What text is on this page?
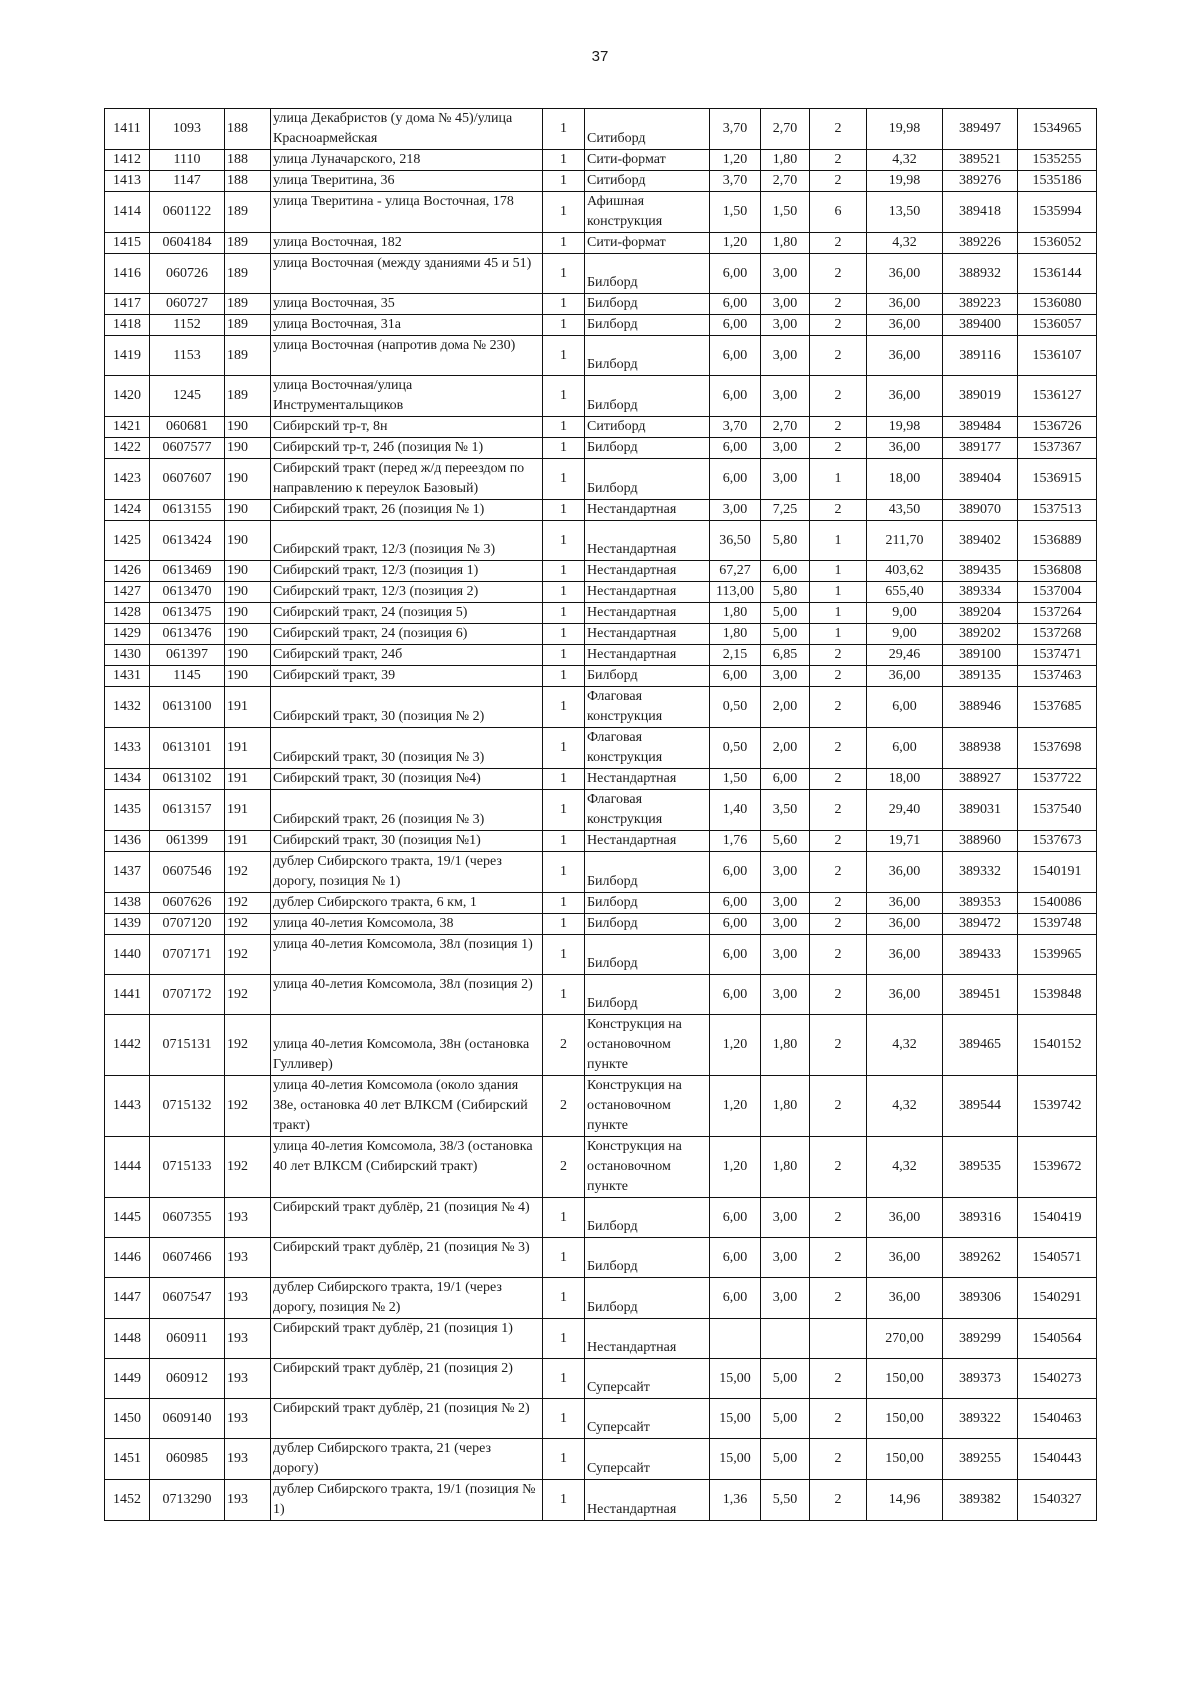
37
1411	1093	188	улица Декабристов (у дома № 45)/улица Красноармейская	1	Ситиборд	3,70	2,70	2	19,98	389497	1534965
1412	1110	188	улица Луначарского, 218	1	Сити-формат	1,20	1,80	2	4,32	389521	1535255
1413	1147	188	улица Тверитина, 36	1	Ситиборд	3,70	2,70	2	19,98	389276	1535186
1414	0601122	189	улица Тверитина - улица Восточная, 178	1	Афишная конструкция	1,50	1,50	6	13,50	389418	1535994
1415	0604184	189	улица Восточная, 182	1	Сити-формат	1,20	1,80	2	4,32	389226	1536052
1416	060726	189	улица Восточная (между зданиями 45 и 51)	1	Билборд	6,00	3,00	2	36,00	388932	1536144
1417	060727	189	улица Восточная, 35	1	Билборд	6,00	3,00	2	36,00	389223	1536080
1418	1152	189	улица Восточная, 31а	1	Билборд	6,00	3,00	2	36,00	389400	1536057
1419	1153	189	улица Восточная (напротив дома № 230)	1	Билборд	6,00	3,00	2	36,00	389116	1536107
1420	1245	189	улица Восточная/улица Инструментальщиков	1	Билборд	6,00	3,00	2	36,00	389019	1536127
1421	060681	190	Сибирский тр-т, 8н	1	Ситиборд	3,70	2,70	2	19,98	389484	1536726
1422	0607577	190	Сибирский тр-т, 24б (позиция № 1)	1	Билборд	6,00	3,00	2	36,00	389177	1537367
1423	0607607	190	Сибирский тракт (перед ж/д переездом по направлению к переулок Базовый)	1	Билборд	6,00	3,00	1	18,00	389404	1536915
1424	0613155	190	Сибирский тракт, 26 (позиция № 1)	1	Нестандартная	3,00	7,25	2	43,50	389070	1537513
1425	0613424	190	Сибирский тракт, 12/3 (позиция № 3)	1	Нестандартная	36,50	5,80	1	211,70	389402	1536889
1426	0613469	190	Сибирский тракт, 12/3 (позиция 1)	1	Нестандартная	67,27	6,00	1	403,62	389435	1536808
1427	0613470	190	Сибирский тракт, 12/3 (позиция 2)	1	Нестандартная	113,00	5,80	1	655,40	389334	1537004
1428	0613475	190	Сибирский тракт, 24 (позиция 5)	1	Нестандартная	1,80	5,00	1	9,00	389204	1537264
1429	0613476	190	Сибирский тракт, 24 (позиция 6)	1	Нестандартная	1,80	5,00	1	9,00	389202	1537268
1430	061397	190	Сибирский тракт, 24б	1	Нестандартная	2,15	6,85	2	29,46	389100	1537471
1431	1145	190	Сибирский тракт, 39	1	Билборд	6,00	3,00	2	36,00	389135	1537463
1432	0613100	191	Сибирский тракт, 30 (позиция № 2)	1	Флаговая конструкция	0,50	2,00	2	6,00	388946	1537685
1433	0613101	191	Сибирский тракт, 30 (позиция № 3)	1	Флаговая конструкция	0,50	2,00	2	6,00	388938	1537698
1434	0613102	191	Сибирский тракт, 30 (позиция №4)	1	Нестандартная	1,50	6,00	2	18,00	388927	1537722
1435	0613157	191	Сибирский тракт, 26 (позиция № 3)	1	Флаговая конструкция	1,40	3,50	2	29,40	389031	1537540
1436	061399	191	Сибирский тракт, 30 (позиция №1)	1	Нестандартная	1,76	5,60	2	19,71	388960	1537673
1437	0607546	192	дублер Сибирского тракта, 19/1 (через дорогу, позиция № 1)	1	Билборд	6,00	3,00	2	36,00	389332	1540191
1438	0607626	192	дублер Сибирского тракта, 6 км, 1	1	Билборд	6,00	3,00	2	36,00	389353	1540086
1439	0707120	192	улица 40-летия Комсомола, 38	1	Билборд	6,00	3,00	2	36,00	389472	1539748
1440	0707171	192	улица 40-летия Комсомола, 38л (позиция 1)	1	Билборд	6,00	3,00	2	36,00	389433	1539965
1441	0707172	192	улица 40-летия Комсомола, 38л (позиция 2)	1	Билборд	6,00	3,00	2	36,00	389451	1539848
1442	0715131	192	улица 40-летия Комсомола, 38н (остановка Гулливер)	2	Конструкция на остановочном пункте	1,20	1,80	2	4,32	389465	1540152
1443	0715132	192	улица 40-летия Комсомола (около здания 38е, остановка 40 лет ВЛКСМ (Сибирский тракт)	2	Конструкция на остановочном пункте	1,20	1,80	2	4,32	389544	1539742
1444	0715133	192	улица 40-летия Комсомола, 38/3 (остановка 40 лет ВЛКСМ (Сибирский тракт)	2	Конструкция на остановочном пункте	1,20	1,80	2	4,32	389535	1539672
1445	0607355	193	Сибирский тракт дублёр, 21 (позиция № 4)	1	Билборд	6,00	3,00	2	36,00	389316	1540419
1446	0607466	193	Сибирский тракт дублёр, 21 (позиция № 3)	1	Билборд	6,00	3,00	2	36,00	389262	1540571
1447	0607547	193	дублер Сибирского тракта, 19/1 (через дорогу, позиция № 2)	1	Билборд	6,00	3,00	2	36,00	389306	1540291
1448	060911	193	Сибирский тракт дублёр, 21 (позиция 1)	1	Нестандартная				270,00	389299	1540564
1449	060912	193	Сибирский тракт дублёр, 21 (позиция 2)	1	Суперсайт	15,00	5,00	2	150,00	389373	1540273
1450	0609140	193	Сибирский тракт дублёр, 21 (позиция № 2)	1	Суперсайт	15,00	5,00	2	150,00	389322	1540463
1451	060985	193	дублер Сибирского тракта, 21 (через дорогу)	1	Суперсайт	15,00	5,00	2	150,00	389255	1540443
1452	0713290	193	дублер Сибирского тракта, 19/1 (позиция № 1)	1	Нестандартная	1,36	5,50	2	14,96	389382	1540327
